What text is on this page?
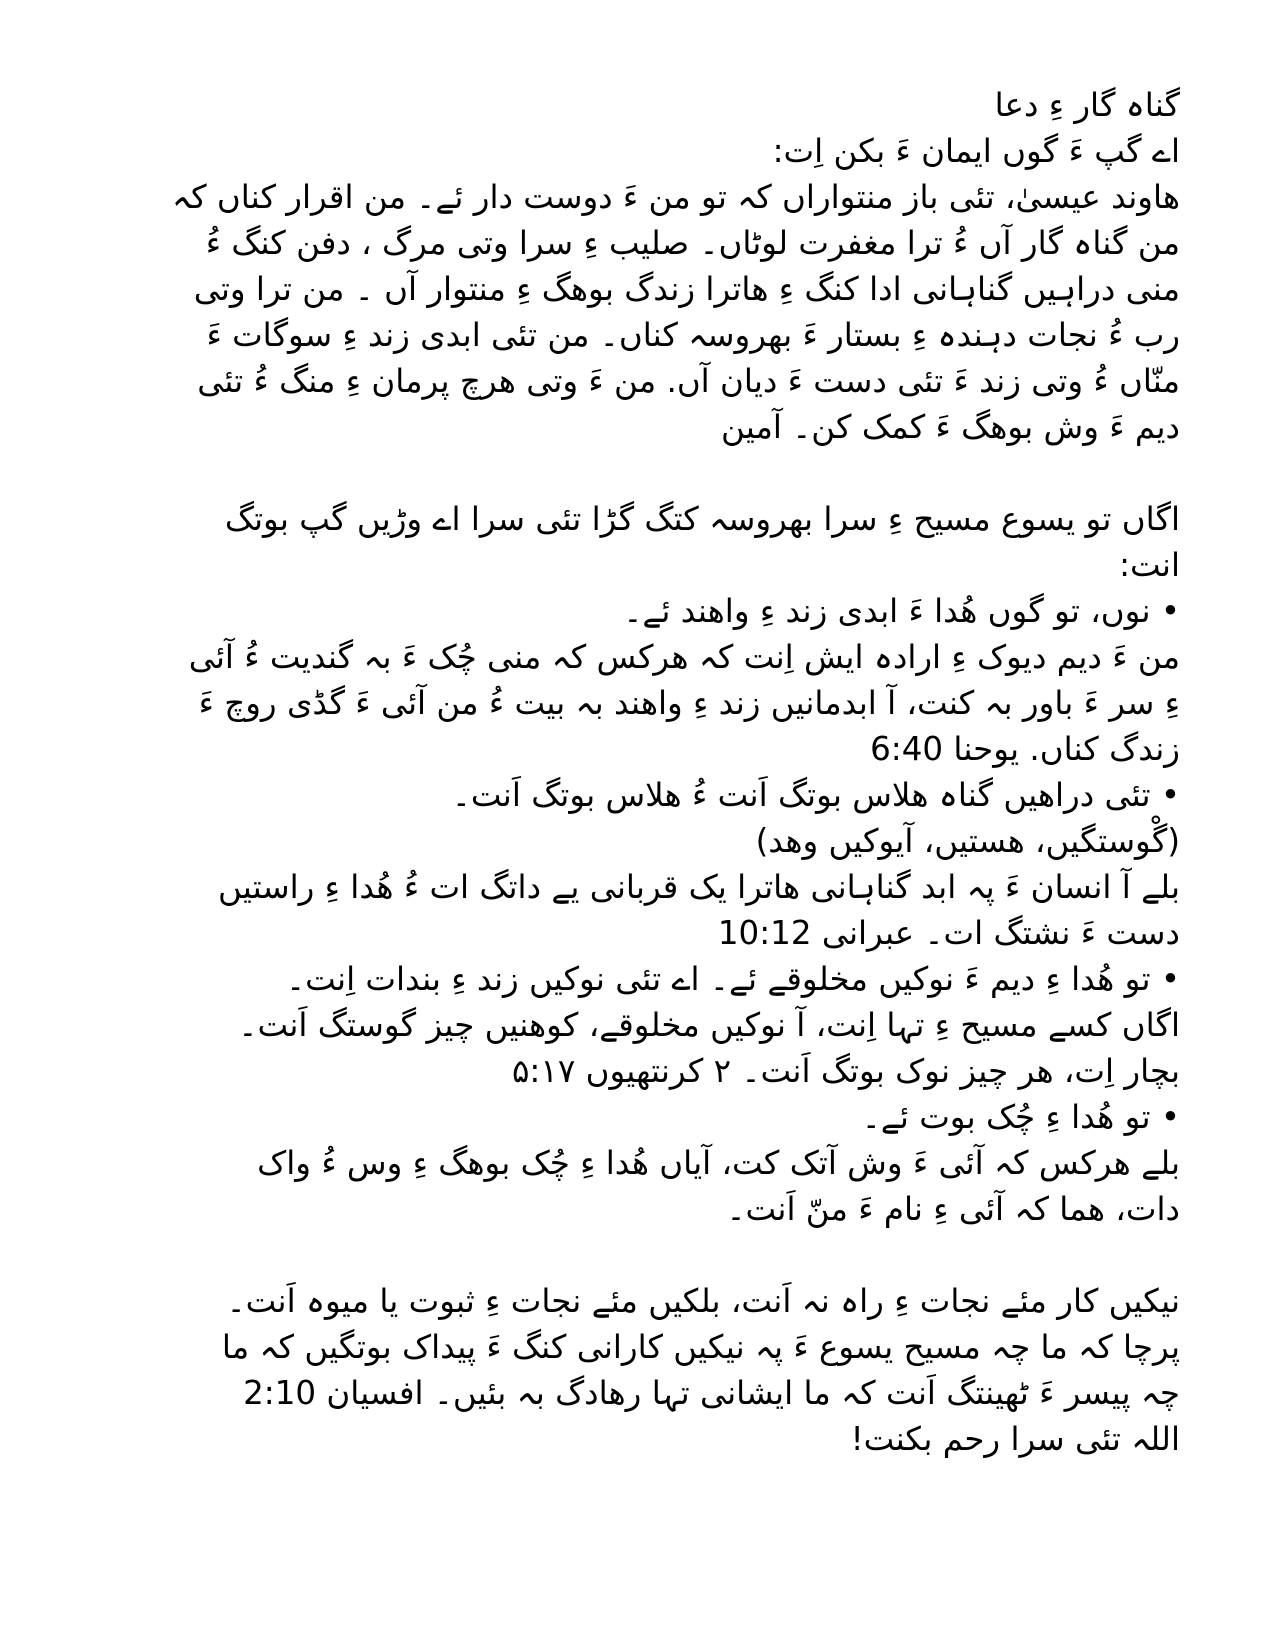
گناہ گار ءِ دعا
اے گپ ءَ گوں ایمان ءَ بکن اِت:
ھاوند عیسیٰ، تئی باز منتواراں کہ تو من ءَ دوست دار ئے۔ من اقرار کناں کہ
من گناہ گار آں ءُ ترا مغفرت لوٹاں۔ صلیب ءِ سرا وتی مرگ ، دفن کنگ ءُ
منی دراہیں گناہانی ادا کنگ ءِ ھاترا زندگ بوھگ ءِ منتوار آں ۔ من ترا وتی
رب ءُ نجات دہندہ ءِ بستار ءَ بھروسہ کناں۔ من تئی ابدی زند ءِ سوگات ءَ
منّاں ءُ وتی زند ءَ تئی دست ءَ دیان آں. من ءَ وتی ھرچ پرمان ءِ منگ ءُ تئی
دیم ءَ وش بوھگ ءَ کمک کن۔ آمین
اگاں تو یسوع مسیح ءِ سرا بھروسہ کتگ گڑا تئی سرا اے وڑیں گپ بوتگ
انت:
• نوں، تو گوں ھُدا ءَ ابدی زند ءِ واھند ئے۔
من ءَ دیم دیوک ءِ ارادہ ایش اِنت کہ ھرکس کہ منی چُک ءَ بہ گندیت ءُ آئی
ءِ سر ءَ باور بہ کنت، آ ابدمانیں زند ءِ واھند بہ بیت ءُ من آئی ءَ گڈی روچ ءَ
زندگ کناں. یوحنا 6:40
• تئی دراھیں گناہ ھلاس بوتگ اَنت ءُ ھلاس بوتگ اَنت۔
(گْوستگیں، ھستیں، آیوکیں وھد)
بلے آ انسان ءَ پہ ابد گناہانی ھاترا یک قربانی یے داتگ ات ءُ ھُدا ءِ راستیں
دست ءَ نشتگ ات۔ عبرانی 10:12
• تو ھُدا ءِ دیم ءَ نوکیں مخلوقے ئے۔ اے تئی نوکیں زند ءِ بندات اِنت۔
اگاں کسے مسیح ءِ تہا اِنت، آ نوکیں مخلوقے، کوھنیں چیز گوستگ اَنت۔
بچار اِت، ھر چیز نوک بوتگ اَنت۔ ۲ کرنتھیوں ۵:۱۷
• تو ھُدا ءِ چُک بوت ئے۔
بلے ھرکس کہ آئی ءَ وش آتک کت، آیاں ھُدا ءِ چُک بوھگ ءِ وس ءُ واک
دات، ھما کہ آئی ءِ نام ءَ منّ اَنت۔
نیکیں کار مئے نجات ءِ راہ نہ اَنت، بلکیں مئے نجات ءِ ثبوت یا میوہ اَنت۔
پرچا کہ ما چہ مسیح یسوع ءَ پہ نیکیں کارانی کنگ ءَ پیداک بوتگیں کہ ما
چہ پیسر ءَ ٹھینتگ اَنت کہ ما ایشانی تہا رھادگ بہ بئیں۔ افسیان 2:10
اللہ تئی سرا رحم بکنت!
